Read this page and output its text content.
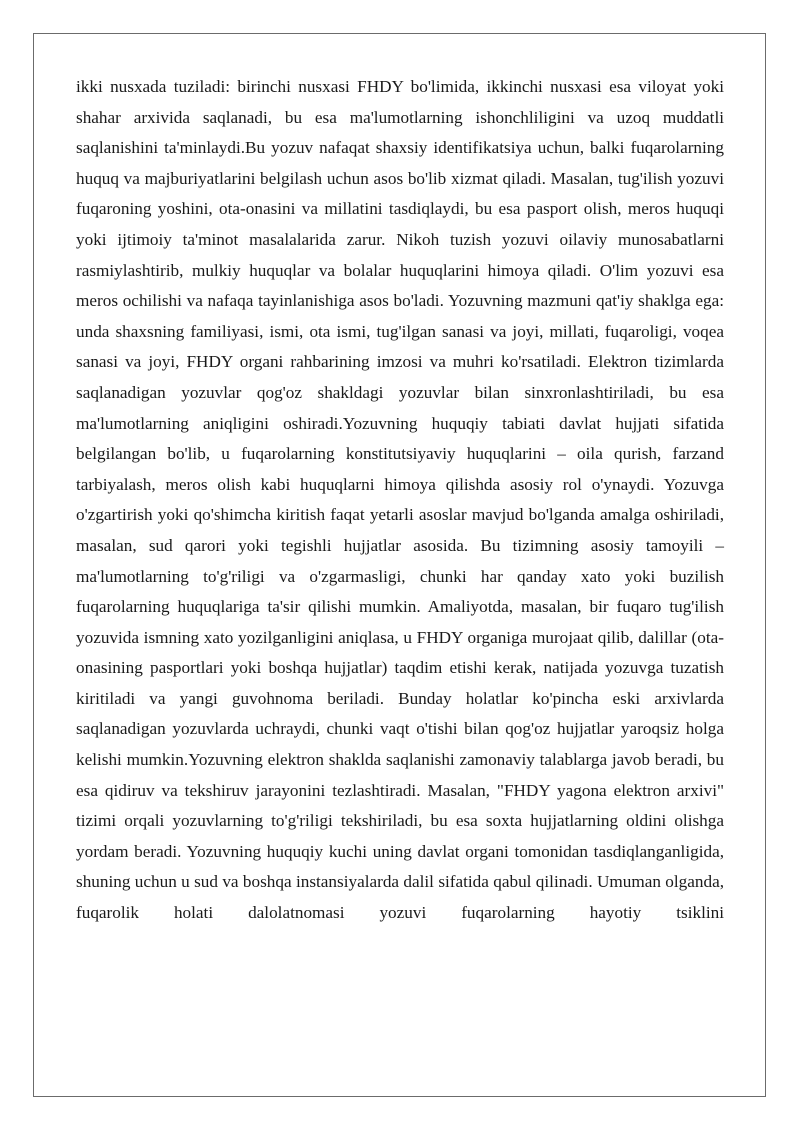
ikki nusxada tuziladi: birinchi nusxasi FHDY bo'limida, ikkinchi nusxasi esa viloyat yoki shahar arxivida saqlanadi, bu esa ma'lumotlarning ishonchliligini va uzoq muddatli saqlanishini ta'minlaydi.Bu yozuv nafaqat shaxsiy identifikatsiya uchun, balki fuqarolarning huquq va majburiyatlarini belgilash uchun asos bo'lib xizmat qiladi. Masalan, tug'ilish yozuvi fuqaroning yoshini, ota-onasini va millatini tasdiqlaydi, bu esa pasport olish, meros huquqi yoki ijtimoiy ta'minot masalalarida zarur. Nikoh tuzish yozuvi oilaviy munosabatlarni rasmiylashtirib, mulkiy huquqlar va bolalar huquqlarini himoya qiladi. O'lim yozuvi esa meros ochilishi va nafaqa tayinlanishiga asos bo'ladi. Yozuvning mazmuni qat'iy shaklga ega: unda shaxsning familiyasi, ismi, ota ismi, tug'ilgan sanasi va joyi, millati, fuqaroligi, voqea sanasi va joyi, FHDY organi rahbarining imzosi va muhri ko'rsatiladi. Elektron tizimlarda saqlanadigan yozuvlar qog'oz shakldagi yozuvlar bilan sinxronlashtiriladi, bu esa ma'lumotlarning aniqligini oshiradi.Yozuvning huquqiy tabiati davlat hujjati sifatida belgilangan bo'lib, u fuqarolarning konstitutsiyaviy huquqlarini – oila qurish, farzand tarbiyalash, meros olish kabi huquqlarni himoya qilishda asosiy rol o'ynaydi. Yozuvga o'zgartirish yoki qo'shimcha kiritish faqat yetarli asoslar mavjud bo'lganda amalga oshiriladi, masalan, sud qarori yoki tegishli hujjatlar asosida. Bu tizimning asosiy tamoyili – ma'lumotlarning to'g'riligi va o'zgarmasligi, chunki har qanday xato yoki buzilish fuqarolarning huquqlariga ta'sir qilishi mumkin. Amaliyotda, masalan, bir fuqaro tug'ilish yozuvida ismning xato yozilganligini aniqlasa, u FHDY organiga murojaat qilib, dalillar (ota-onasining pasportlari yoki boshqa hujjatlar) taqdim etishi kerak, natijada yozuvga tuzatish kiritiladi va yangi guvohnoma beriladi. Bunday holatlar ko'pincha eski arxivlarda saqlanadigan yozuvlarda uchraydi, chunki vaqt o'tishi bilan qog'oz hujjatlar yaroqsiz holga kelishi mumkin.Yozuvning elektron shaklda saqlanishi zamonaviy talablarga javob beradi, bu esa qidiruv va tekshiruv jarayonini tezlashtiradi. Masalan, "FHDY yagona elektron arxivi" tizimi orqali yozuvlarning to'g'riligi tekshiriladi, bu esa soxta hujjatlarning oldini olishga yordam beradi. Yozuvning huquqiy kuchi uning davlat organi tomonidan tasdiqlanganligida, shuning uchun u sud va boshqa instansiyalarda dalil sifatida qabul qilinadi. Umuman olganda, fuqarolik holati dalolatnomasi yozuvi fuqarolarning hayotiy tsiklini
